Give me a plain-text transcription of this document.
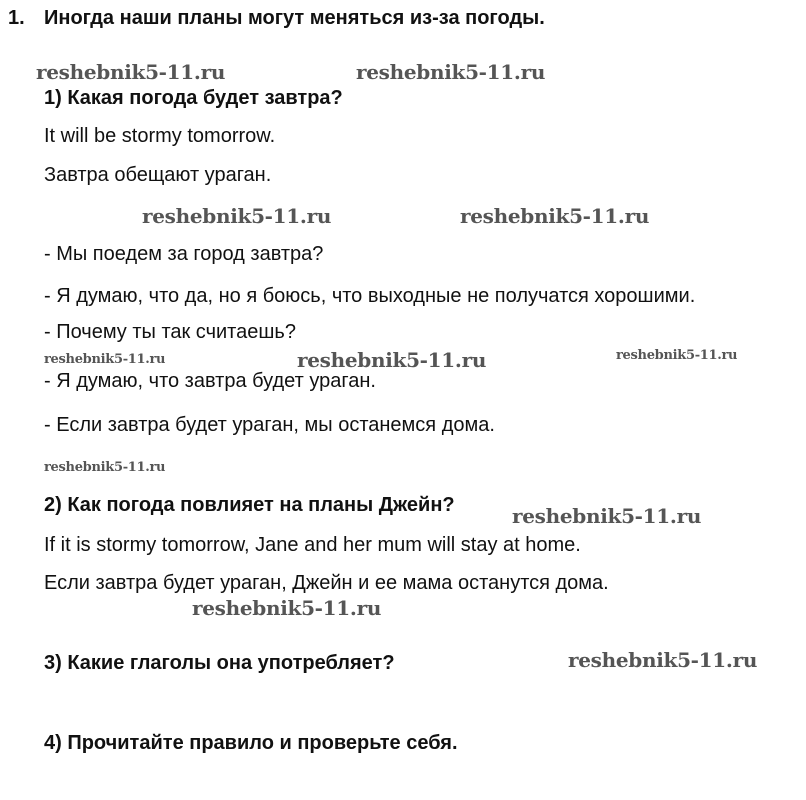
1. Иногда наши планы могут меняться из-за погоды.
reshebnik5-11.ru	reshebnik5-11.ru
1) Какая погода будет завтра?
It will be stormy tomorrow.
Завтра обещают ураган.
reshebnik5-11.ru	reshebnik5-11.ru
- Мы поедем за город завтра?
- Я думаю, что да, но я боюсь, что выходные не получатся хорошими.
- Почему ты так считаешь?
reshebnik5-11.ru	reshebnik5-11.ru	reshebnik5-11.ru
- Я думаю, что завтра будет ураган.
- Если завтра будет ураган, мы останемся дома.
reshebnik5-11.ru
2) Как погода повлияет на планы Джейн?	reshebnik5-11.ru
If it is stormy tomorrow, Jane and her mum will stay at home.
Если завтра будет ураган, Джейн и ее мама останутся дома.
reshebnik5-11.ru
3) Какие глаголы она употребляет?	reshebnik5-11.ru
4) Прочитайте правило и проверьте себя.
